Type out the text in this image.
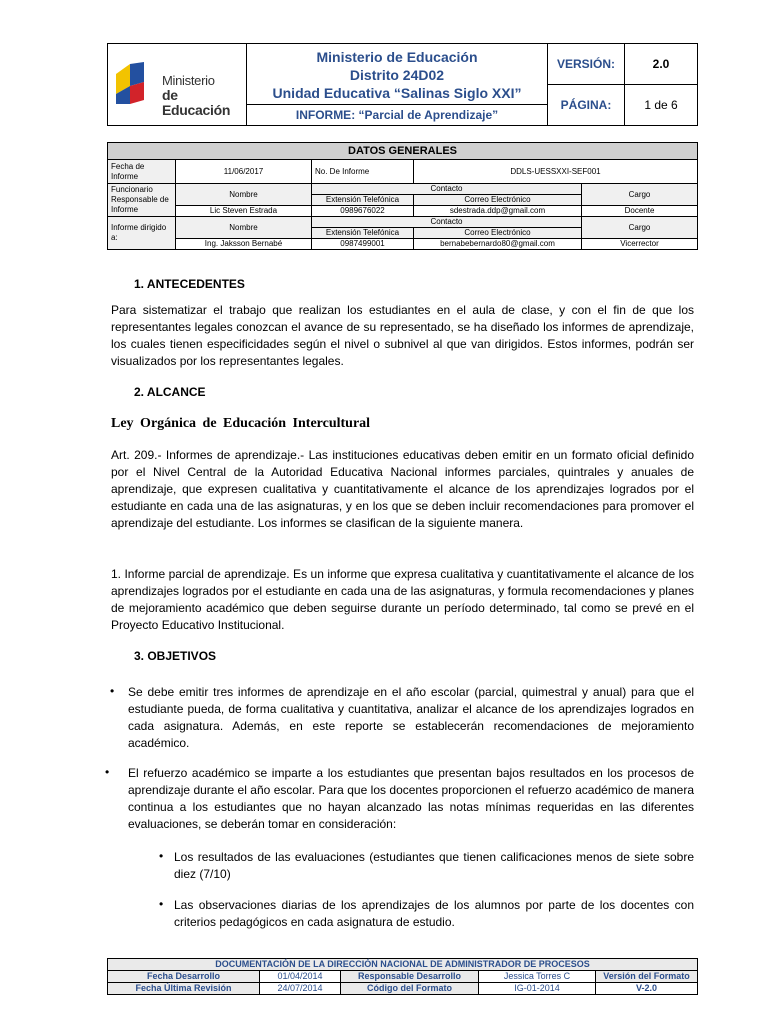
Ministerio
de Educación
Ministerio de Educación
Distrito 24D02
Unidad Educativa “Salinas Siglo XXI”
INFORME: “Parcial de Aprendizaje”
VERSIÓN:	2.0
PÁGINA:	1 de 6
DATOS GENERALES				
Fecha de Informe	11/06/2017	No. De Informe	DDLS-UESSXXI-SEF001	
Funcionario Responsable de Informe	Nombre	Contacto		Cargo
		Extensión Telefónica	Correo Electrónico	
	Lic Steven Estrada	0989676022	sdestrada.ddp@gmail.com	Docente
Informe dirigido a:	Nombre	Contacto		Cargo
		Extensión Telefónica	Correo Electrónico	
	Ing. Jaksson Bernabé	0987499001	bernabebernardo80@gmail.com	Vicerrector
1. ANTECEDENTES
Para sistematizar el trabajo que realizan los estudiantes en el aula de clase, y con el fin de que los representantes legales conozcan el avance de su representado, se ha diseñado los informes de aprendizaje, los cuales tienen especificidades según el nivel o subnivel al que van dirigidos. Estos informes, podrán ser visualizados por los representantes legales.
2. ALCANCE
Ley Orgánica de Educación Intercultural
Art. 209.- Informes de aprendizaje.- Las instituciones educativas deben emitir en un formato oficial definido por el Nivel Central de la Autoridad Educativa Nacional informes parciales, quintrales y anuales de aprendizaje, que expresen cualitativa y cuantitativamente el alcance de los aprendizajes logrados por el estudiante en cada una de las asignaturas, y en los que se deben incluir recomendaciones para promover el aprendizaje del estudiante. Los informes se clasifican de la siguiente manera.
1. Informe parcial de aprendizaje. Es un informe que expresa cualitativa y cuantitativamente el alcance de los aprendizajes logrados por el estudiante en cada una de las asignaturas, y formula recomendaciones y planes de mejoramiento académico que deben seguirse durante un período determinado, tal como se prevé en el Proyecto Educativo Institucional.
3. OBJETIVOS
• Se debe emitir tres informes de aprendizaje en el año escolar (parcial, quimestral y anual) para que el estudiante pueda, de forma cualitativa y cuantitativa, analizar el alcance de los aprendizajes logrados en cada asignatura. Además, en este reporte se establecerán recomendaciones de mejoramiento académico.
• El refuerzo académico se imparte a los estudiantes que presentan bajos resultados en los procesos de aprendizaje durante el año escolar. Para que los docentes proporcionen el refuerzo académico de manera continua a los estudiantes que no hayan alcanzado las notas mínimas requeridas en las diferentes evaluaciones, se deberán tomar en consideración:
• Los resultados de las evaluaciones (estudiantes que tienen calificaciones menos de siete sobre diez (7/10)
• Las observaciones diarias de los aprendizajes de los alumnos por parte de los docentes con criterios pedagógicos en cada asignatura de estudio.
DOCUMENTACIÓN DE LA DIRECCIÓN NACIONAL DE ADMINISTRADOR DE PROCESOS				
Fecha Desarrollo	01/04/2014	Responsable Desarrollo	Jessica Torres C	Versión del Formato
Fecha Última Revisión	24/07/2014	Código del Formato	IG-01-2014	V-2.0
